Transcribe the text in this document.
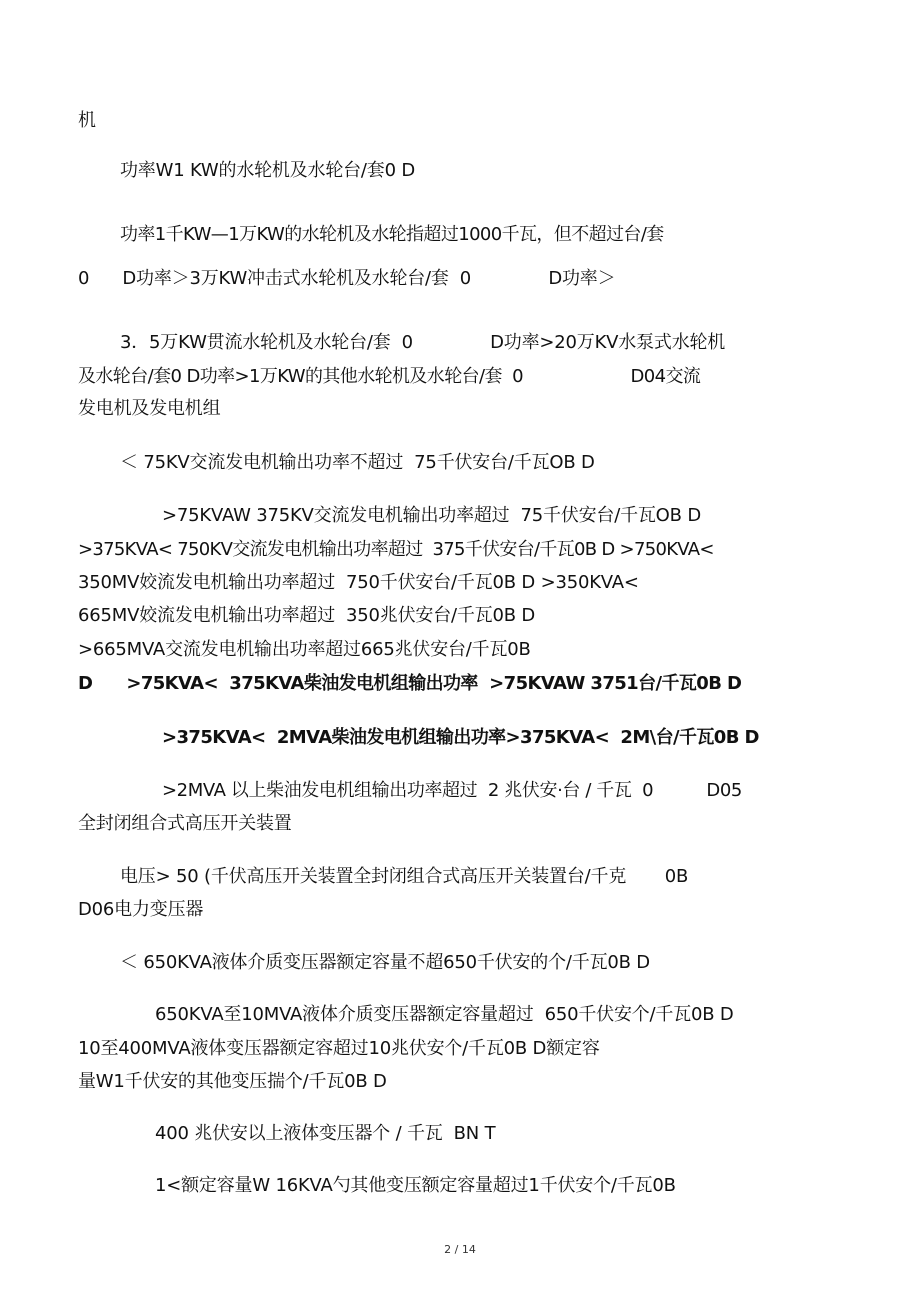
机
功率W1 KW的水轮机及水轮台/套0 D
功率1千KW—1万KW的水轮机及水轮指超过1000千瓦，但不超过台/套
0      D功率＞3万KW冲击式水轮机及水轮台/套  0              D功率＞
3．5万KW贯流水轮机及水轮台/套  0              D功率>20万KV水泵式水轮机
及水轮台/套0 D功率>1万KW的其他水轮机及水轮台/套  0                     D04交流
发电机及发电机组
＜ 75KV交流发电机输出功率不超过  75千伏安台/千瓦OB D
>75KVAW 375KV交流发电机输出功率超过  75千伏安台/千瓦OB D
>375KVA< 750KV交流发电机输出功率超过  375千伏安台/千瓦0B D >750KVA<
350MV姣流发电机输出功率超过  750千伏安台/千瓦0B D >350KVA<
665MV姣流发电机输出功率超过  350兆伏安台/千瓦0B D
>665MVA交流发电机输出功率超过665兆伏安台/千瓦0B
D      >75KVA<  375KVA柴油发电机组输出功率  >75KVAW 3751台/千瓦0B D
>375KVA<  2MVA柴油发电机组输出功率>375KVA<  2M\台/千瓦0B D
>2MVA 以上柴油发电机组输出功率超过  2 兆伏安·台 / 千瓦  0          D05
全封闭组合式高压开关装置
电压> 50 (千伏高压开关装置全封闭组合式高压开关装置台/千克       0B
D06电力变压器
＜ 650KVA液体介质变压器额定容量不超650千伏安的个/千瓦0B D
650KVA至10MVA液体介质变压器额定容量超过  650千伏安个/千瓦0B D
10至400MVA液体变压器额定容超过10兆伏安个/千瓦0B D额定容
量W1千伏安的其他变压揣个/千瓦0B D
400 兆伏安以上液体变压器个 / 千瓦  BN T
1<额定容量W 16KVA勺其他变压额定容量超过1千伏安个/千瓦0B
2 / 14
